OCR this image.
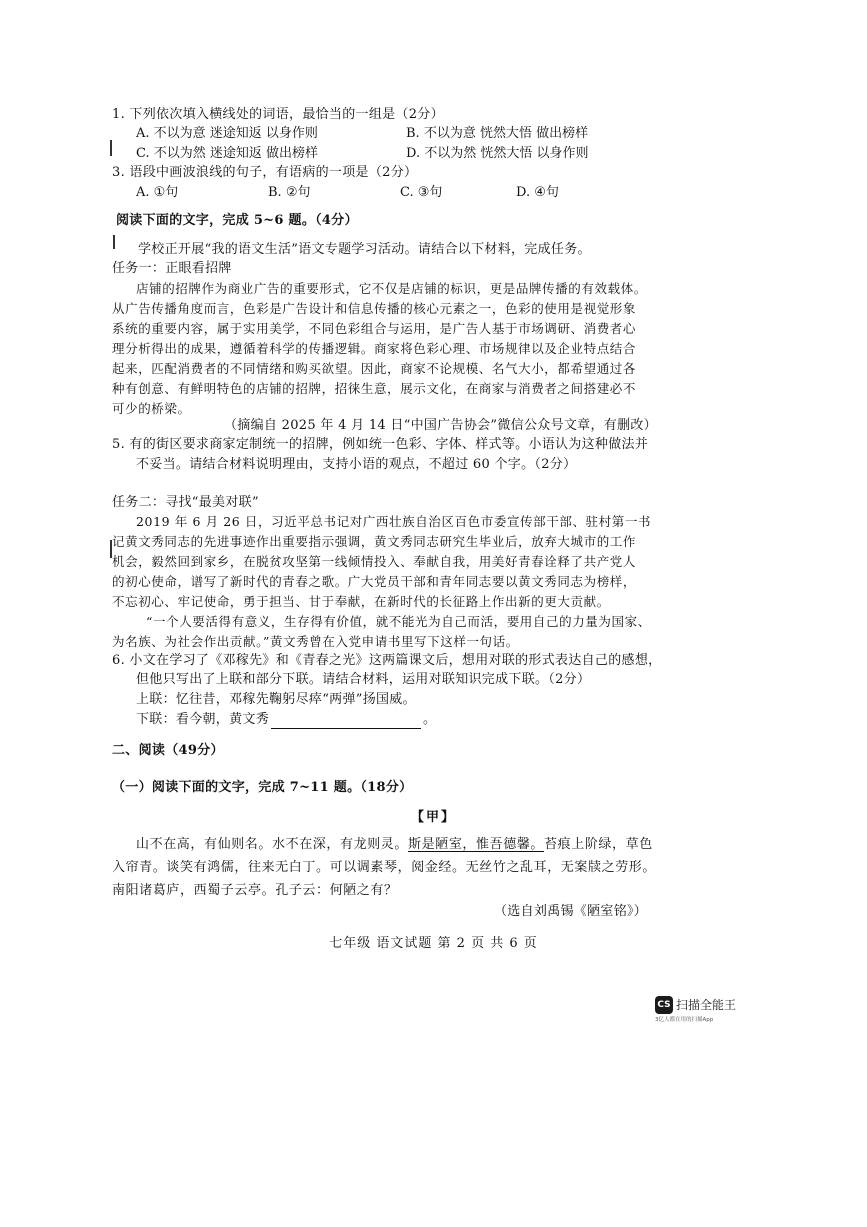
1. 下列依次填入横线处的词语，最恰当的一组是（2分）
A. 不以为意 迷途知返 以身作则	B. 不以为意 恍然大悟 做出榜样
C. 不以为然 迷途知返 做出榜样	D. 不以为然 恍然大悟 以身作则
3. 语段中画波浪线的句子，有语病的一项是（2分）
A. ①句	B. ②句	C. ③句	D. ④句
阅读下面的文字，完成 5~6 题。（4分）
学校正开展“我的语文生活”语文专题学习活动。请结合以下材料，完成任务。
任务一：正眼看招牌
店铺的招牌作为商业广告的重要形式，它不仅是店铺的标识，更是品牌传播的有效载体。
从广告传播角度而言，色彩是广告设计和信息传播的核心元素之一，色彩的使用是视觉形象
系统的重要内容，属于实用美学，不同色彩组合与运用，是广告人基于市场调研、消费者心
理分析得出的成果，遵循着科学的传播逻辑。商家将色彩心理、市场规律以及企业特点结合
起来，匹配消费者的不同情绪和购买欲望。因此，商家不论规模、名气大小，都希望通过各
种有创意、有鲜明特色的店铺的招牌，招徕生意，展示文化，在商家与消费者之间搭建必不
可少的桥梁。
（摘编自 2025 年 4 月 14 日“中国广告协会”微信公众号文章，有删改）
5. 有的街区要求商家定制统一的招牌，例如统一色彩、字体、样式等。小语认为这种做法并
不妥当。请结合材料说明理由，支持小语的观点，不超过 60 个字。（2分）
任务二：寻找“最美对联”
2019 年 6 月 26 日，习近平总书记对广西壮族自治区百色市委宣传部干部、驻村第一书
记黄文秀同志的先进事迹作出重要指示强调，黄文秀同志研究生毕业后，放弃大城市的工作
机会，毅然回到家乡，在脱贫攻坚第一线倾情投入、奉献自我，用美好青春诠释了共产党人
的初心使命，谱写了新时代的青春之歌。广大党员干部和青年同志要以黄文秀同志为榜样，
不忘初心、牢记使命，勇于担当、甘于奉献，在新时代的长征路上作出新的更大贡献。
“一个人要活得有意义，生存得有价值，就不能光为自己而活，要用自己的力量为国家、
为名族、为社会作出贡献。”黄文秀曾在入党申请书里写下这样一句话。
6. 小文在学习了《邓稼先》和《青春之光》这两篇课文后，想用对联的形式表达自己的感想，
但他只写出了上联和部分下联。请结合材料，运用对联知识完成下联。（2分）
上联：忆往昔，邓稼先鞠躬尽瘁“两弹”扬国威。
下联：看今朝，黄文秀	。
二、阅读（49分）
（一）阅读下面的文字，完成 7~11 题。（18分）
【甲】
山不在高，有仙则名。水不在深，有龙则灵。斯是陋室，惟吾德馨。苔痕上阶绿，草色
入帘青。谈笑有鸿儒，往来无白丁。可以调素琴，阅金经。无丝竹之乱耳，无案牍之劳形。
南阳诸葛庐，西蜀子云亭。孔子云：何陋之有？
（选自刘禹锡《陋室铭》）
七年级 语文试题 第 2 页 共 6 页
CS 扫描全能王
3亿人都在用的扫描App
